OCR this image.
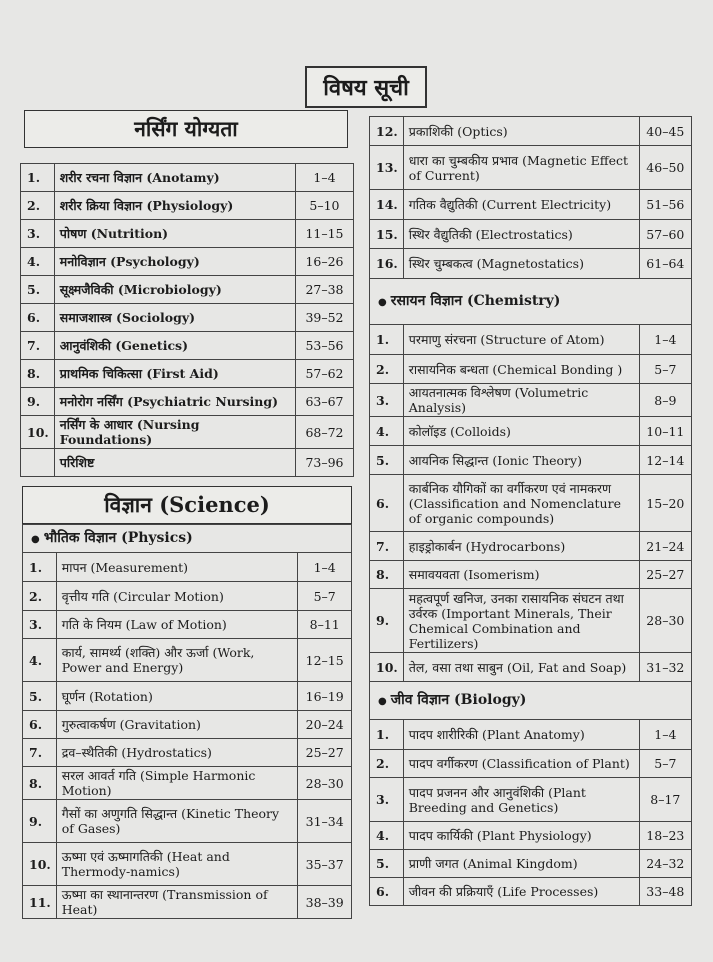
विषय सूची
नर्सिंग योग्यता
1.	शरीर रचना विज्ञान (Anotamy)	1–4
2.	शरीर क्रिया विज्ञान (Physiology)	5–10
3.	पोषण (Nutrition)	11–15
4.	मनोविज्ञान (Psychology)	16–26
5.	सूक्ष्मजैविकी (Microbiology)	27–38
6.	समाजशास्त्र (Sociology)	39–52
7.	आनुवंशिकी (Genetics)	53–56
8.	प्राथमिक चिकित्सा (First Aid)	57–62
9.	मनोरोग नर्सिंग (Psychiatric Nursing)	63–67
10.	नर्सिंग के आधार (Nursing Foundations)	68–72
	परिशिष्ट	73–96
विज्ञान (Science)
● भौतिक विज्ञान (Physics)		
1.	मापन (Measurement)	1–4
2.	वृत्तीय गति (Circular Motion)	5–7
3.	गति के नियम (Law of Motion)	8–11
4.	कार्य, सामर्थ्य (शक्ति) और ऊर्जा (Work, Power and Energy)	12–15
5.	घूर्णन (Rotation)	16–19
6.	गुरुत्वाकर्षण (Gravitation)	20–24
7.	द्रव–स्थैतिकी (Hydrostatics)	25–27
8.	सरल आवर्त गति (Simple Harmonic Motion)	28–30
9.	गैसों का अणुगति सिद्धान्त (Kinetic Theory of Gases)	31–34
10.	ऊष्मा एवं ऊष्मागतिकी (Heat and Thermody-namics)	35–37
11.	ऊष्मा का स्थानान्तरण (Transmission of Heat)	38–39
12.	प्रकाशिकी (Optics)	40–45
13.	धारा का चुम्बकीय प्रभाव (Magnetic Effect of Current)	46–50
14.	गतिक वैद्युतिकी (Current Electricity)	51–56
15.	स्थिर वैद्युतिकी (Electrostatics)	57–60
16.	स्थिर चुम्बकत्व (Magnetostatics)	61–64
● रसायन विज्ञान (Chemistry)		
1.	परमाणु संरचना (Structure of Atom)	1–4
2.	रासायनिक बन्धता (Chemical Bonding )	5–7
3.	आयतनात्मक विश्लेषण (Volumetric Analysis)	8–9
4.	कोलॉइड (Colloids)	10–11
5.	आयनिक सिद्धान्त (Ionic Theory)	12–14
6.	कार्बनिक यौगिकों का वर्गीकरण एवं नामकरण (Classification and Nomenclature of organic compounds)	15–20
7.	हाइड्रोकार्बन (Hydrocarbons)	21–24
8.	समावयवता (Isomerism)	25–27
9.	महत्वपूर्ण खनिज, उनका रासायनिक संघटन तथा उर्वरक (Important Minerals, Their Chemical Combination and Fertilizers)	28–30
10.	तेल, वसा तथा साबुन (Oil, Fat and Soap)	31–32
● जीव विज्ञान (Biology)		
1.	पादप शारीरिकी (Plant Anatomy)	1–4
2.	पादप वर्गीकरण (Classification of Plant)	5–7
3.	पादप प्रजनन और आनुवंशिकी (Plant Breeding and Genetics)	8–17
4.	पादप कार्यिकी (Plant Physiology)	18–23
5.	प्राणी जगत (Animal Kingdom)	24–32
6.	जीवन की प्रक्रियाएँ (Life Processes)	33–48
